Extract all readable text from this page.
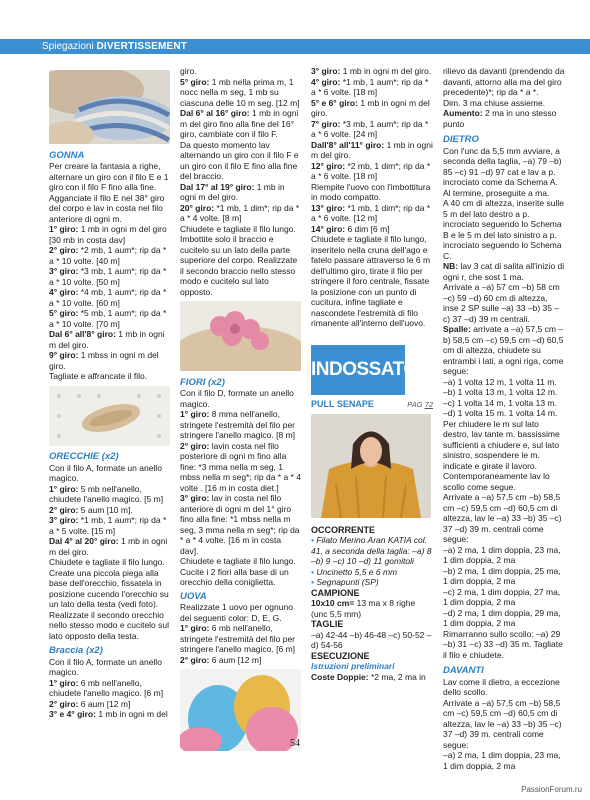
Spiegazioni DIVERTISSEMENT

GONNA

Per creare la fantasia a righe, alternare un giro con il filo E e 1 giro con il filo F fino alla fine. Agganciate il filo E nel 38° giro del corpo e lav in costa nel filo anteriore di ogni m.

1° giro: 1 mb in ogni m del giro [30 mb in costa dav]

2° giro: *2 mb, 1 aum*; rip da * a * 10 volte. [40 m]

3° giro: *3 mb, 1 aum*; rip da * a * 10 volte. [50 m]

4° giro: *4 mb, 1 aum*; rip da * a * 10 volte. [60 m]

5° giro: *5 mb, 1 aum*; rip da * a * 10 volte. [70 m]

Dal 6° all'8° giro: 1 mb in ogni m del giro.

9° giro: 1 mbss in ogni m del giro.

Tagliate e affrancate il filo.

ORECCHIE (x2)

Con il filo A, formate un anello magico.

1° giro: 5 mb nell'anello, chiudete l'anello magico. [5 m]

2° giro: 5 aum [10 m].

3° giro: *1 mb, 1 aum*; rip da * a * 5 volte. [15 m]

Dal 4° al 20° giro: 1 mb in ogni m del giro.

Chiudete e tagliate il filo lungo. Create una piccola piega alla base dell'orecchio, fissatela in posizione cucendo l'orecchio su un lato della testa (vedi foto). Realizzate il secondo orecchio nello stesso modo e cucitelo sul lato opposto della testa.

Braccia (x2)

Con il filo A, formate un anello magico.

1° giro: 6 mb nell'anello, chiudete l'anello magico. [6 m]

2° giro: 6 aum [12 m]

3° e 4° giro: 1 mb in ogni m del

giro.

5° giro: 1 mb nella prima m, 1 nocc nella m seg, 1 mb su ciascuna delle 10 m seg. [12 m]

Dal 6° al 16° giro: 1 mb in ogni m del giro fino alla fine del 16° giro, cambiate con il filo F.

Da questo momento lav alternando un giro con il filo F e un giro con il filo E fino alla fine del braccio.

Dal 17° al 19° giro: 1 mb in ogni m del giro.

20° giro: *1 mb, 1 dim*; rip da * a * 4 volte. [8 m]

Chiudete e tagliate il filo lungo. Imbottite solo il braccio e cucitelo su un lato della parte superiore del corpo. Realizzate il secondo braccio nello stesso modo e cucitelo sul lato opposto.

FIORI (x2)

Con il filo D, formate un anello magico.

1° giro: 8 mma nell'anello, stringete l'estremità del filo per stringere l'anello magico. [8 m]

2° giro: lavin costa nel filo posteriore di ogni m fino alla fine: *3 mma nella m seg, 1 mbss nella m seg*; rip da * a * 4 volte . [16 m in costa diet.]

3° giro: lav in costa nel filo anteriore di ogni m del 1° giro fino alla fine: *1 mbss nella m seg, 3 mma nella m seg*; rip da * a * 4 volte. [16 m in costa dav].

Chiudete e tagliate il filo lungo. Cucite i 2 fiori alla base di un orecchio della coniglietta.

UOVA

Realizzate 1 uovo per ognuno dei seguenti color: D, E, G.

1° giro: 6 mb nell'anello, stringete l'estremità del filo per stringere l'anello magico. [6 m]

2° giro: 6 aum [12 m]

3° giro: 1 mb in ogni m del giro.

4° giro: *1 mb, 1 aum*; rip da * a * 6 volte. [18 m]

5° e 6° giro: 1 mb in ogni m del giro.

7° giro: *3 mb, 1 aum*; rip da * a * 6 volte. [24 m]

Dall'8° all'11° giro: 1 mb in ogni m del giro.

12° giro: *2 mb, 1 dim*; rip da * a * 6 volte. [18 m]

Riempite l'uovo con l'imbottitura in modo compatto.

13° giro: *1 mb, 1 dim*; rip da * a * 6 volte. [12 m]

14° giro: 6 dim [6 m]

Chiudete e tagliate il filo lungo, inseritelo nella cruna dell'ago e fatelo passare attraverso le 6 m dell'ultimo giro, tirate il filo per stringere il foro centrale, fissate la posizione con un punto di cucitura, infine tagliate e nascondete l'estremità di filo rimanente all'interno dell'uovo.

INDOSSATO
PULL SENAPE	PAG 72

OCCORRENTE

• Filato Merino Aran KATIA col. 41, a seconda della taglia: –a) 8 –b) 9 –c) 10 –d) 11 gomitoli

• Uncinetto 5,5 e 6 mm

• Segnapunti (SP)

CAMPIONE

10x10 cm= 13 ma x 8 righe (unc 5,5 mm)

TAGLIE

–a) 42-44 –b) 46-48 –c) 50-52 –d) 54-56

ESECUZIONE

Istruzioni preliminari

Coste Doppie: *2 ma, 2 ma in

rilievo da davanti (prendendo da davanti, attorno alla ma del giro precedente)*; rip da * a *.

Dim. 3 ma chiuse assieme.

Aumento: 2 ma in uno stesso punto

DIETRO

Con l'unc da 5,5 mm avviare, a seconda della taglia, –a) 79 –b) 85 –c) 91 –d) 97 cat e lav a p. incrociato come da Schema A.

Al termine, proseguite a ma.

A 40 cm di altezza, inserite sulle 5 m del lato destro a p. incrociato seguendo lo Schema B e le 5 m del lato sinistro a p. incrociato seguendo lo Schema C.

NB: lav 3 cat di salita all'inizio di ogni r, che sost 1 ma.

Arrivate a –a) 57 cm –b) 58 cm –c) 59 –d) 60 cm di altezza, inse 2 SP sulle –a) 33 –b) 35 –c) 37 –d) 39 m centrali.

Spalle: arrivate a –a) 57,5 cm –b) 58,5 cm –c) 59,5 cm –d) 60,5 cm di altezza, chiudete su entrambi i lati, a ogni riga, come segue:

–a) 1 volta 12 m, 1 volta 11 m.

–b) 1 volta 13 m, 1 volta 12 m.

–c) 1 volta 14 m, 1 volta 13 m.

–d) 1 volta 15 m. 1 volta 14 m.

Per chiudere le m sul lato destro, lav tante m. bassissime sufficienti a chiudere e, sul lato sinistro, sospendere le m. indicate e girate il lavoro.

Contemporaneamente lav lo scollo come segue.

Arrivate a –a) 57,5 cm –b) 58,5 cm –c) 59,5 cm –d) 60,5 cm di altezza, lav le –a) 33 –b) 35 –c) 37 –d) 39 m. centrali come segue:

–a) 2 ma, 1 dim doppia, 23 ma, 1 dim doppia, 2 ma

–b) 2 ma, 1 dim doppia, 25 ma, 1 dim doppia, 2 ma

–c) 2 ma, 1 dim doppia, 27 ma, 1 dim doppia, 2 ma

–d) 2 ma, 1 dim doppia, 29 ma, 1 dim doppia, 2 ma

Rimarranno sullo scollo: –a) 29 –b) 31 –c) 33 –d) 35 m. Tagliate il filo e chiudete.

DAVANTI

Lav come il dietro, a eccezione dello scollo.

Arrivate a –a) 57,5 cm –b) 58,5 cm –c) 59,5 cm –d) 60,5 cm di altezza, lav le –a) 33 –b) 35 –c) 37 –d) 39 m. centrali come segue:

–a) 2 ma, 1 dim doppia, 23 ma, 1 dim doppia, 2 ma

54
PassionForum.ru
